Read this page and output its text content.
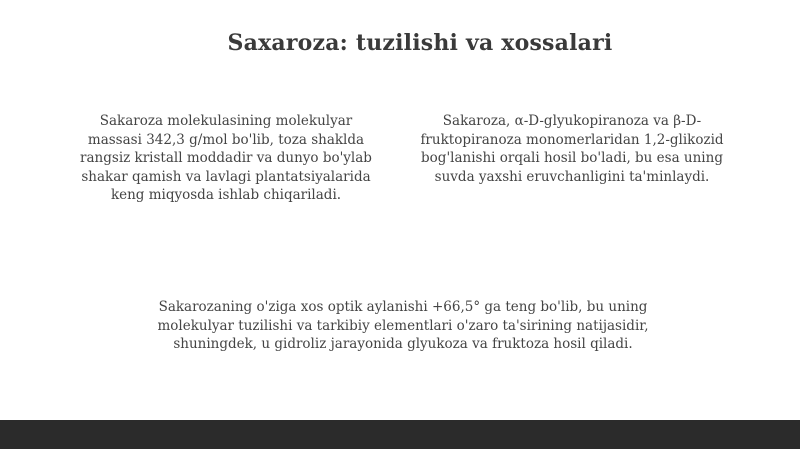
Saxaroza: tuzilishi va xossalari
Sakaroza molekulasining molekulyar massasi 342,3 g/mol bo'lib, toza shaklda rangsiz kristall moddadir va dunyo bo'ylab shakar qamish va lavlagi plantatsiyalarida keng miqyosda ishlab chiqariladi.
Sakaroza, α-D-glyukopiranoza va β-D-fruktopiranoza monomerlaridan 1,2-glikozid bog'lanishi orqali hosil bo'ladi, bu esa uning suvda yaxshi eruvchanligini ta'minlaydi.
Sakarozaning o'ziga xos optik aylanishi +66,5° ga teng bo'lib, bu uning molekulyar tuzilishi va tarkibiy elementlari o'zaro ta'sirining natijasidir, shuningdek, u gidroliz jarayonida glyukoza va fruktoza hosil qiladi.
